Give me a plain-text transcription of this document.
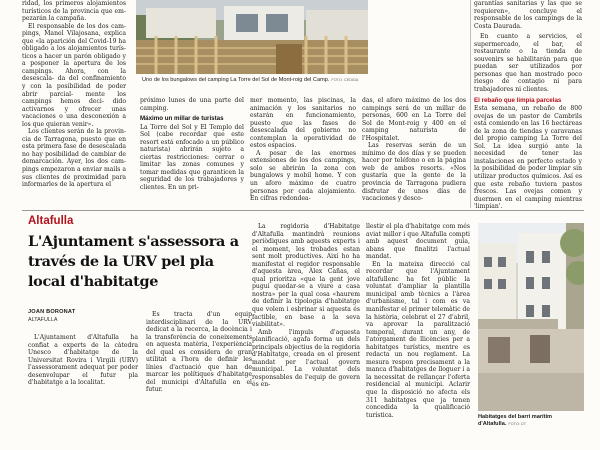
ridad, los primeros alojamientos turísticos de la provincia que em- pezarán la campaña.

El responsable de los dos cam- pings, Manel Vilajosana, explica que «la aparición del Covid-19 ha obligado a los alojamientos turís- ticos a hacer un parón obligado y a posponer la apertura de los campings. Ahora, con la desescala- da del confinamiento y con la posibilidad de poder abrir parcial- mente los campings hemos deci- dido activarnos y ofrecer unas vacaciones o una desconexión a los que quieran venir».

Los clientes serán de la provin- cia de Tarragona, puesto que en esta primera fase de desescalada no hay posibilidad de cambiar de demarcación. Ayer, los dos cam- pings empezaron a enviar mails a sus clientes de proximidad para informarles de la apertura el

Uno de los bungalows del camping La Torre del Sol de Mont-roig del Camp. FOTO: CEDIDA

próximo lunes de una parte del camping.

Máximo un millar de turistas

La Torre del Sol y El Templo del Sol (cabe recordar que este resort está enfocado a un público naturista) abrirán sujeto a ciertas restricciones: cerrar o limitar las zonas comunes y tomar medidas que garanticen la seguridad de los trabajadores y clientes. En un pri-

mer momento, las piscinas, la animación y los sanitarios no estarán en funcionamiento, puesto que las fases de desescalada del gobierno no contemplan la operatividad de estos espacios.

A pesar de las enormes extensiones de los dos campings, solo se abrirán la zona con bungalows y mobil home. Y con un aforo máximo de cuatro personas por cada alojamiento. En cifras redondea-

das, el aforo máximo de los dos campings será de un millar de personas, 600 en La Torre del Sol de Mont-roig y 400 en el camping naturista de l'Hospitalet.

Las reservas serán de un mínimo de dos días y se pueden hacer por teléfono o en la página web de ambos resorts. «Nos gustaría que la gente de la provincia de Tarragona pudiera disfrutar de unos días de vacaciones y desco-

garantías sanitarias y las que se requieren», concluye el responsable de los campings de la Costa Daurada.

En cuanto a servicios, el supermercado, el bar, el restaurante o la tienda de souvenirs se habilitarán para que puedan ser utilizados por personas que han mostrado poco riesgo de contagio ni para trabajadores ni clientes.

El rebaño que limpia parcelas

Esta semana, un rebaño de 800 ovejas de un pastor de Cambrils está comiendo en las 16 hectáreas de la zona de tiendas y caravanas del propio camping La Torre del Sol. La idea surgió ante la necesidad de tener las instalaciones en perfecto estado y la posibilidad de poder limpiar sin utilizar productos químicos. Así es que este rebaño tuviera pastos frescos. Las ovejas comen y duermen en el camping mientras 'limpian'.

Altafulla
L'Ajuntament s'assessora a través de la URV pel pla local d'habitatge
JOAN BORONAT
ALTAFULLA

L'Ajuntament d'Altafulla ha confiat a experts de la càtedra Unesco d'habitatge de la Universitat Rovira i Virgili (URV) l'assessorament adequat per poder desenvolupar el futur pla d'habitatge a la localitat.

Es tracta d'un equip interdisciplinari de la URV dedicat a la recerca, la docència i la transferència de coneixements en aquesta matèria, l'experiència del qual es considera de gran utilitat a l'hora de definir les línies d'actuació que han de marcar les polítiques d'habitatge del municipi d'Altafulla en el futur.

La regidoria d'Habitatge d'Altafulla mantindrà reunions periòdiques amb aquests experts i el moment, les trobades estan sent molt productives. Així ho ha manifestat el regidor responsable d'aquesta àrea, Àlex Cañas, el qual prioritza «que la gent jove pugui quedar-se a viure a casa nostra» per la qual cosa «haurem de definir la tipologia d'habitatge que volem i esbrinar si aquesta és factible, en base a la seva viabilitat».

Amb l'impuls d'aquesta planificació, agafa forma un dels principals objectius de la regidoria d'Habitatge, creada en el present mandat per l'actual govern municipal. La voluntat dels responsables de l'equip de govern és en-

llestir el pla d'habitatge com més aviat millor i que Altafulla compti amb aquest document guia, abans que finalitzi l'actual mandat.

En la mateixa direcció cal recordar que l'Ajuntament altafullenc ha fet públic la voluntat d'ampliar la plantilla municipal amb tècnics a l'àrea d'urbanisme, tal i com es va manifestar el primer telemàtic de la història, celebrat el 27 d'abril, va aprovar la paralització temporal, durant un any, de l'atorgament de llicències per a habitatges turístics, mentre es redacta un nou reglament. La mesura respon precisament a la manca d'habitatges de lloguer i a la necessitat de rellançar l'oferta residencial al municipi. Aclarir que la disposició no afecta els 311 habitatges que ja tenen concedida la qualificació turística.	Habitatges del barri marítim d'Altafulla. FOTO: DT
